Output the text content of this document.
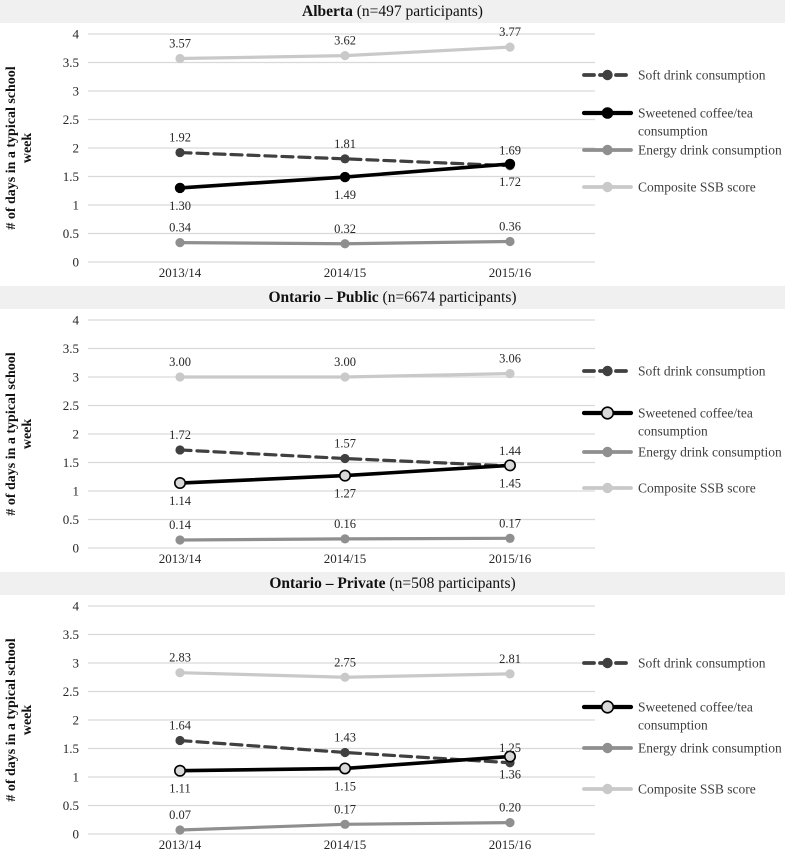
Alberta (n=497 participants)
4
3.5
3
2.5
2
1.5
1
0.5
0
# of days in a typical school week
2013/14	2014/15	2015/16
1.92	1.81	1.69
1.30
1.49
1.72
0.34	0.32	0.36
3.57	3.62
3.77
Soft drink consumption
Sweetened coffee/tea
consumption
Energy drink consumption
Composite SSB score
Ontario – Public (n=6674 participants)
4
3.5
3
2.5
2
1.5
1
0.5
0
# of days in a typical school week
2013/14	2014/15	2015/16
1.72
1.57
1.44
1.14
1.27
1.45
0.14	0.16	0.17
3.00	3.00	3.06
Soft drink consumption
Sweetened coffee/tea
consumption
Energy drink consumption
Composite SSB score
Ontario – Private (n=508 participants)
4
3.5
3
2.5
2
1.5
1
0.5
0
# of days in a typical school week
2013/14	2014/15	2015/16
1.64
1.43
1.25
1.11	1.15
1.36
0.07	0.17	0.20
2.83	2.75	2.81	Soft drink consumption
Sweetened coffee/tea
consumption
Energy drink consumption
Composite SSB score
